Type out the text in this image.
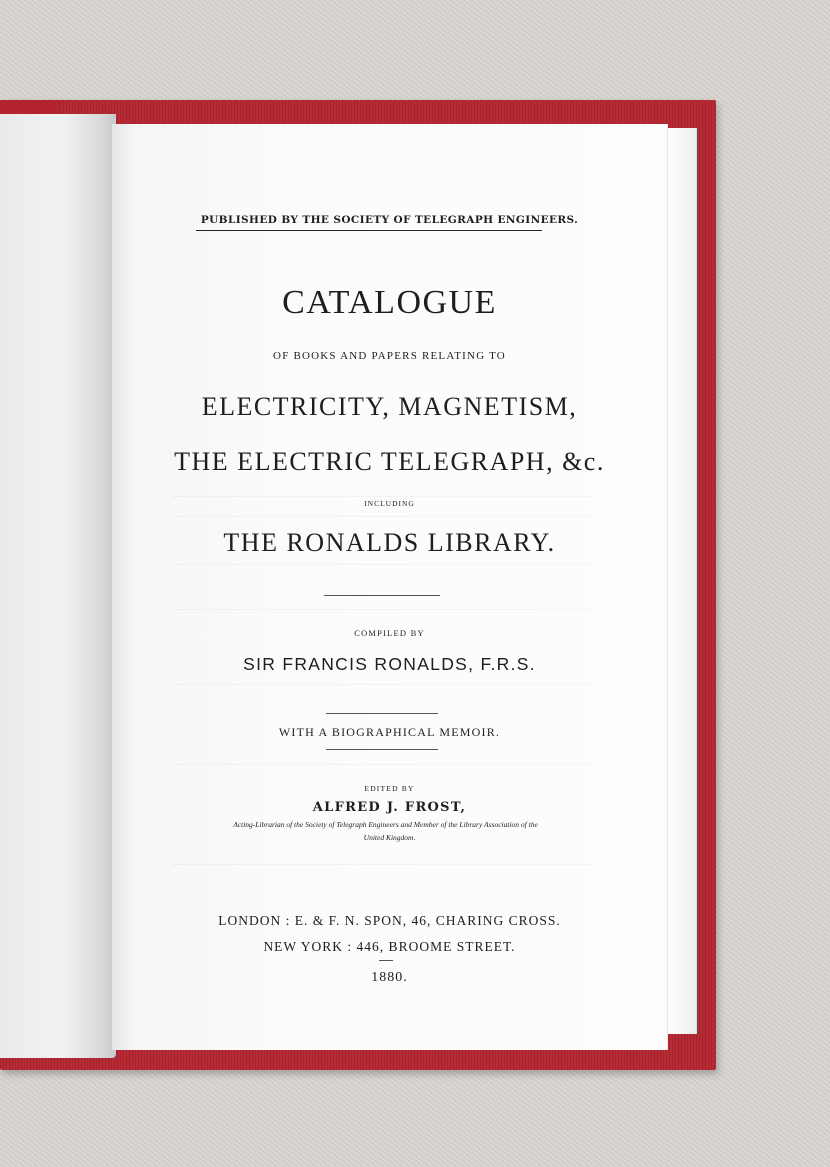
PUBLISHED BY THE SOCIETY OF TELEGRAPH ENGINEERS.
CATALOGUE
OF BOOKS AND PAPERS RELATING TO
ELECTRICITY, MAGNETISM,
THE ELECTRIC TELEGRAPH, &c.
INCLUDING
THE RONALDS LIBRARY.
COMPILED BY
SIR FRANCIS RONALDS, F.R.S.
WITH A BIOGRAPHICAL MEMOIR.
EDITED BY
ALFRED J. FROST,
Acting-Librarian of the Society of Telegraph Engineers and Member of the Library Association of the
United Kingdom.
LONDON : E. & F. N. SPON, 46, CHARING CROSS.
NEW YORK : 446, BROOME STREET.
1880.
